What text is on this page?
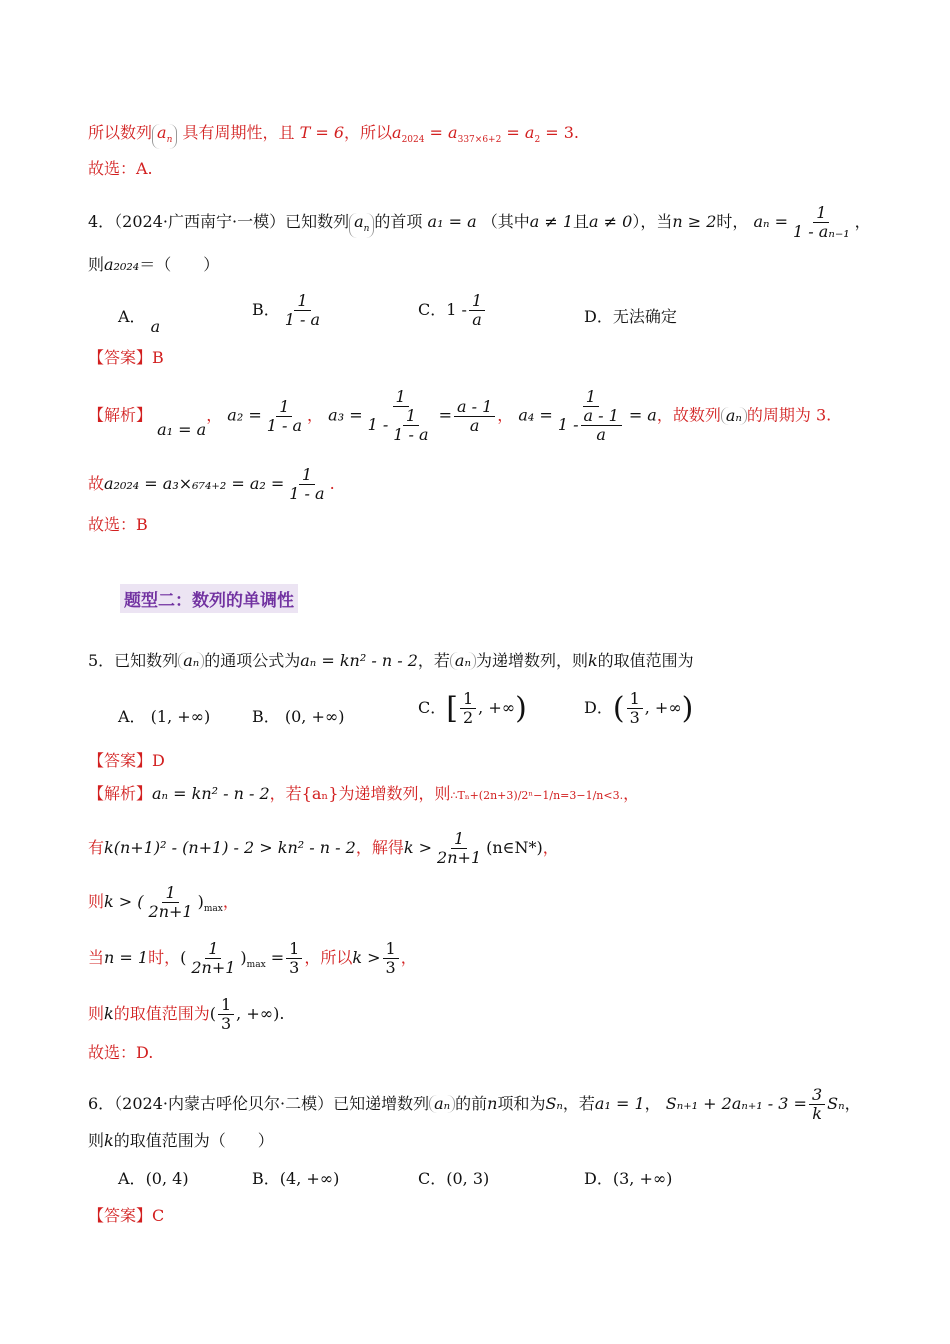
所以数列 $a_n$ 具有周期性，且 T = 6，所以$a_{2024} = a_{337\times 6+2} = a_2 = 3$.
故选：A.
4．（2024·广西南宁·一模）已知数列 $a_n$ 的首项 a₁ = a （其中a ≠ 1且a ≠ 0），当n ≥ 2时， $a_n = \frac{1}{\text{1 - aₙ₋₁}}$ ，
则a₂₀₂₄＝（　　）
A． a
B． $\frac{1}{1 - a}$	C．$1 - \frac{1}{a}$	D．无法确定
【答案】B
【解析】 a₁ = a， $a_2 = \frac{1}{1 - a}$ ， $a_3 = \frac{1}{1 - \frac{1}{1 - a}} = \frac{a - 1}{a}$ ， $a_4 = \frac{1}{1 - \frac{a - 1}{a}} = a$，故数列 aₙ 的周期为 3.
故$a_{2024} = a_3\times_{674+2} = a_2 = \frac{1}{1 - a}$ .
故选：B
题型二：数列的单调性
5．已知数列 aₙ 的通项公式为aₙ = kn² - n - 2，若 aₙ 为递增数列，则k的取值范围为
A． (1, +∞)	B． (0, +∞)	C．[ $\frac{1}{2}$ , +∞)	D．( $\frac{1}{3}$ , +∞)
【答案】D
【解析】aₙ = kn² - n - 2，若{aₙ}为递增数列，则∴Tₙ+(2n+3)/2ⁿ−1/n=3−1/n<3.，
有k(n+1)² - (n+1) - 2 > kn² - n - 2，解得$k > \frac{1}{2n+1}$ (n∈N*)，
则k > ( $\frac{1}{2n+1} )_{max}$，
当n = 1时，( $\frac{1}{2n+1} )_{max} = \frac{1}{3}$ ，所以$k > \frac{1}{3}$ ，
则k的取值范围为( $\frac{1}{3}$ , +∞).
故选：D.
6．（2024·内蒙古呼伦贝尔·二模）已知递增数列 aₙ 的前n项和为Sₙ，若a₁ = 1， $S_{n+1} + 2a_{n+1} - 3 = \frac{3}{k}$ Sₙ，
则k的取值范围为（　　）
A．(0, 4)	B．(4, +∞)	C．(0, 3)	D．(3, +∞)
【答案】C
